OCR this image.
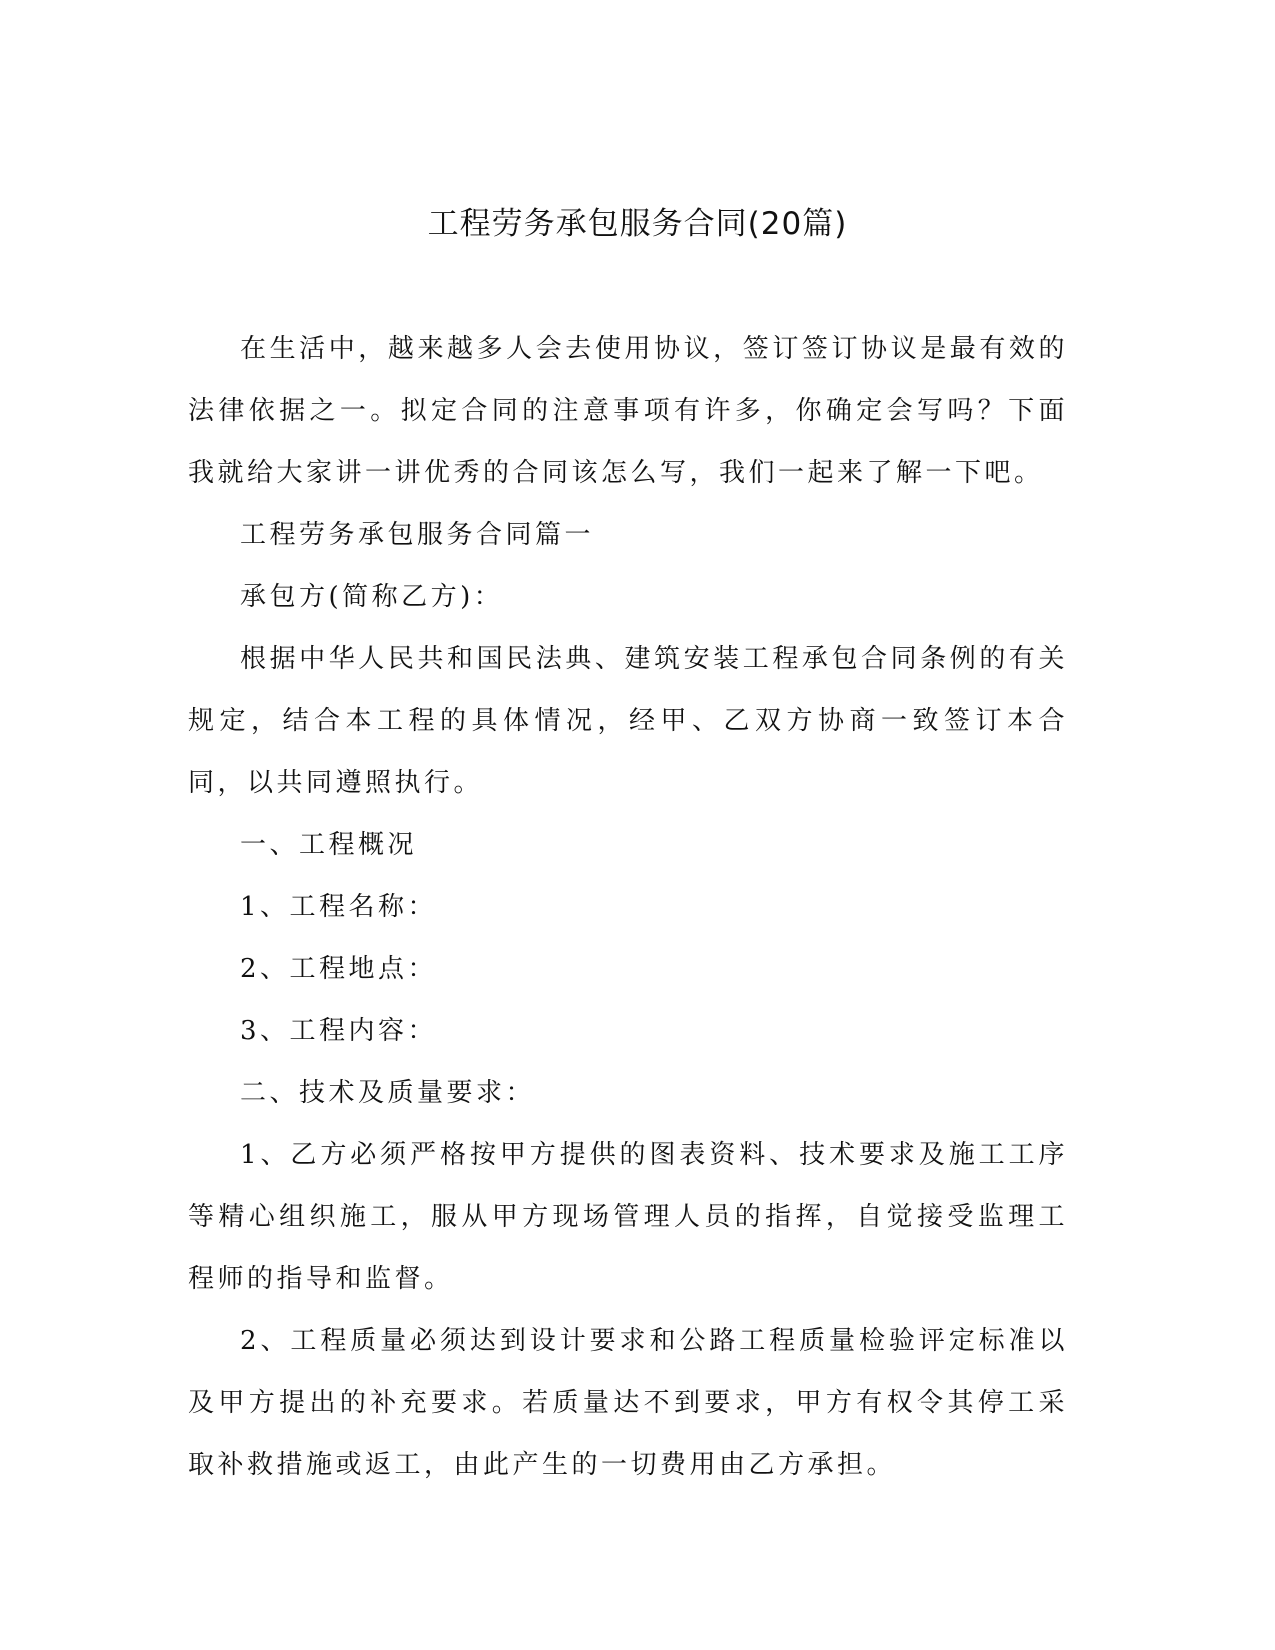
工程劳务承包服务合同(20篇)

在生活中，越来越多人会去使用协议，签订签订协议是最有效的法律依据之一。拟定合同的注意事项有许多，你确定会写吗？下面我就给大家讲一讲优秀的合同该怎么写，我们一起来了解一下吧。

工程劳务承包服务合同篇一

承包方(简称乙方)：

根据中华人民共和国民法典、建筑安装工程承包合同条例的有关规定，结合本工程的具体情况，经甲、乙双方协商一致签订本合同，以共同遵照执行。

一、工程概况

1、工程名称：

2、工程地点：

3、工程内容：

二、技术及质量要求：

1、乙方必须严格按甲方提供的图表资料、技术要求及施工工序等精心组织施工，服从甲方现场管理人员的指挥，自觉接受监理工程师的指导和监督。

2、工程质量必须达到设计要求和公路工程质量检验评定标准以及甲方提出的补充要求。若质量达不到要求，甲方有权令其停工采取补救措施或返工，由此产生的一切费用由乙方承担。
